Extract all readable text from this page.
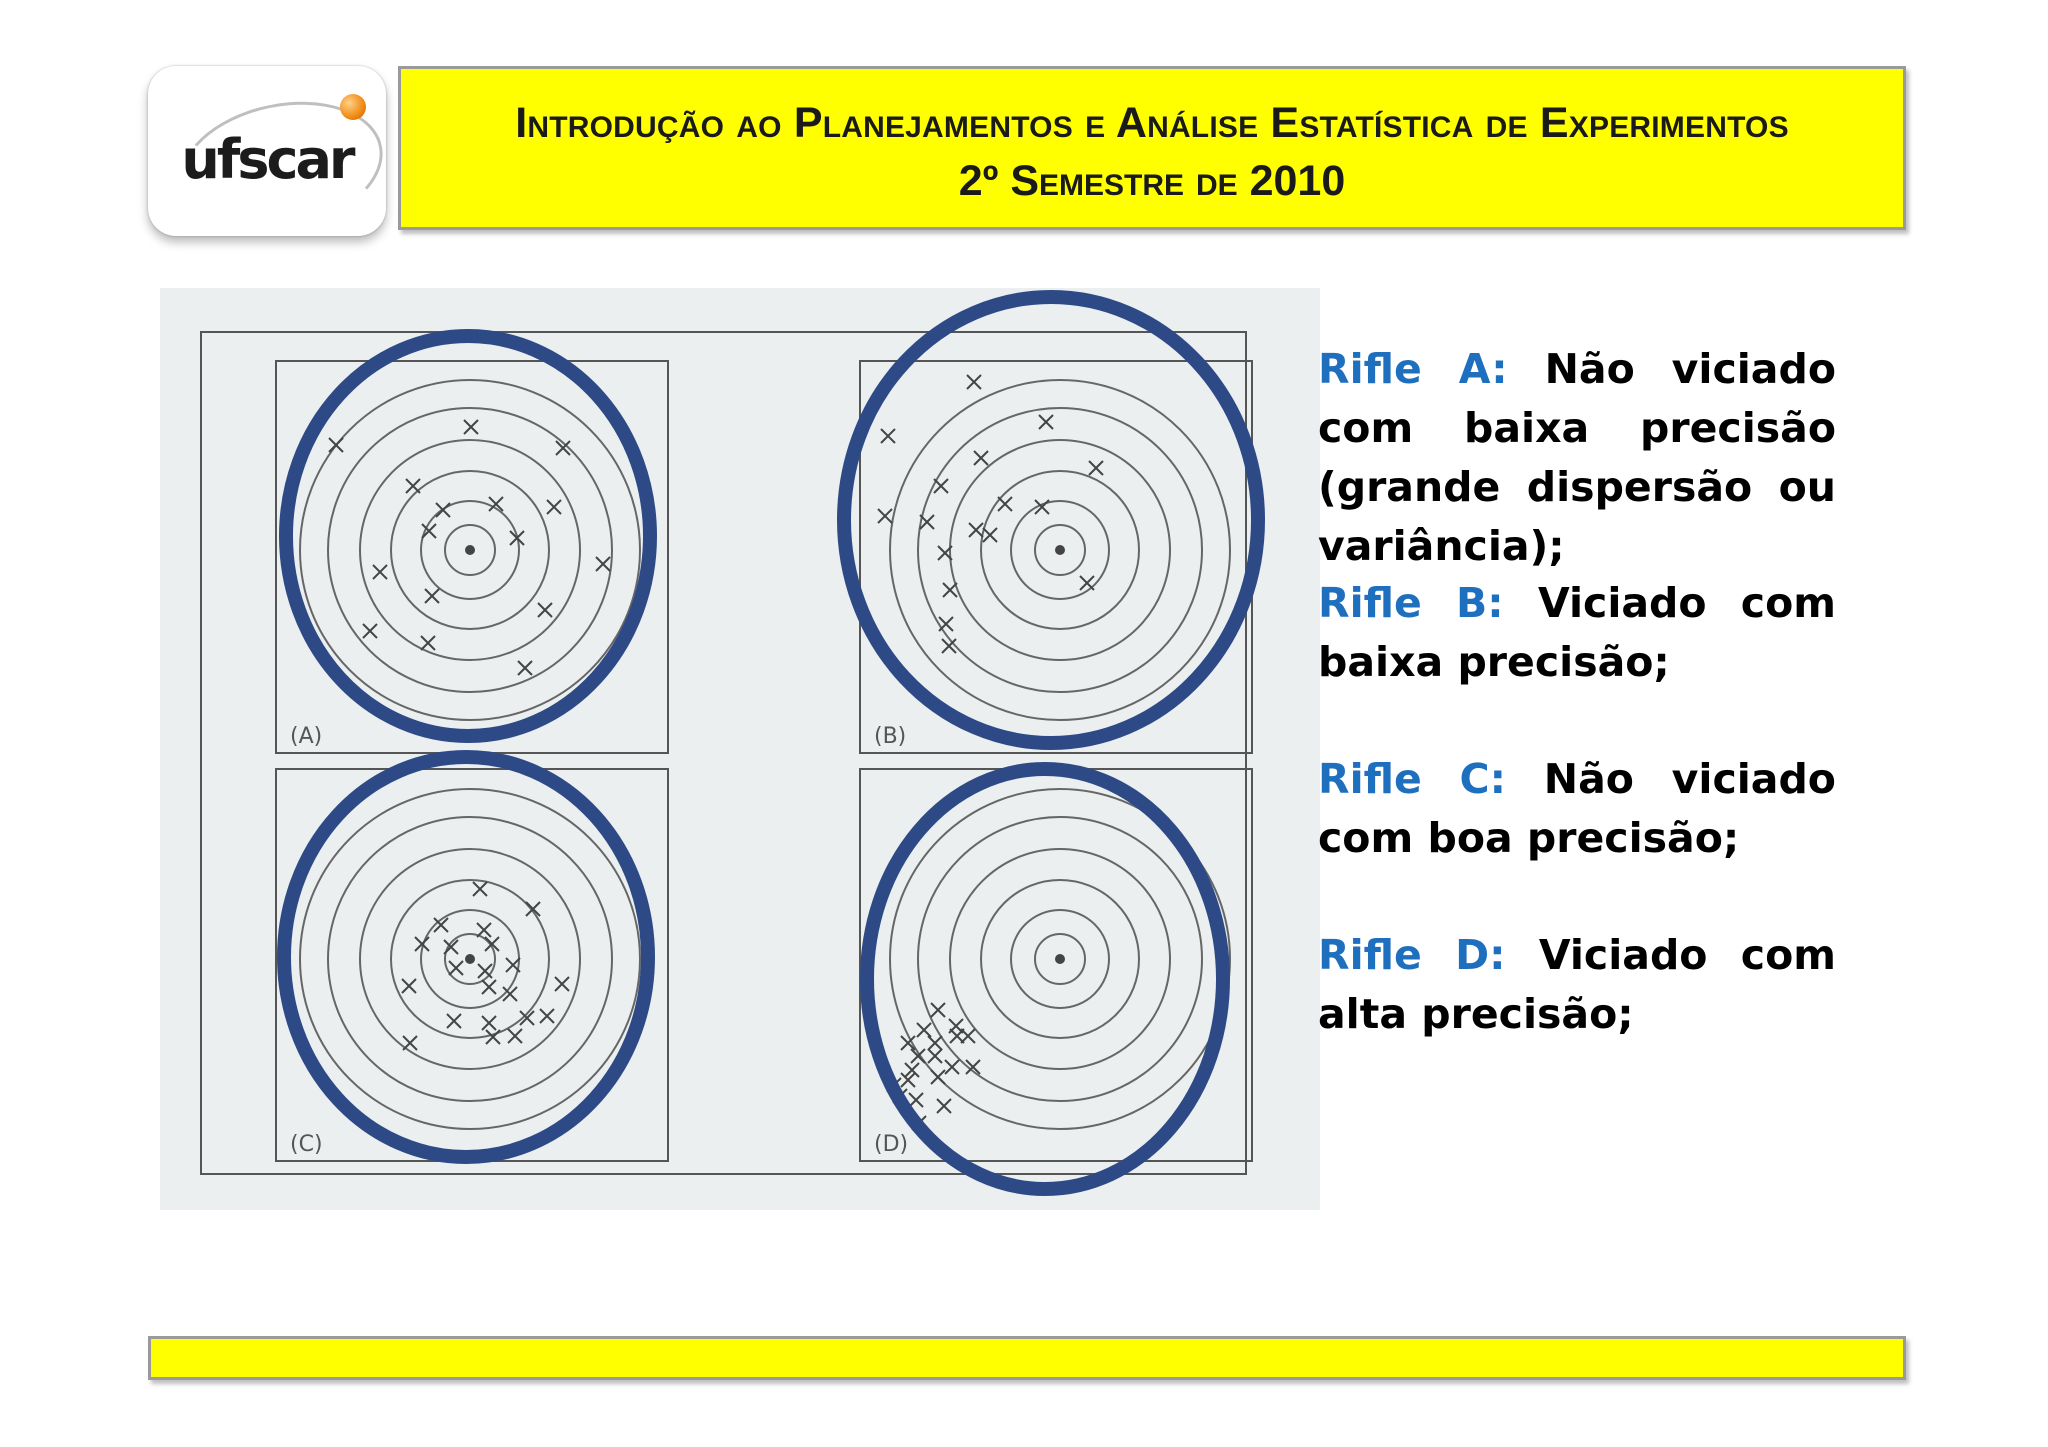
ufscar
Introdução ao Planejamentos e Análise Estatística de Experimentos
2º Semestre de 2010
(A)	(B)
(C)	(D)
Rifle A: Não viciado com baixa precisão (grande dispersão ou variância);
Rifle B: Viciado com baixa precisão;
Rifle C: Não viciado com boa precisão;
Rifle D: Viciado com alta precisão;
